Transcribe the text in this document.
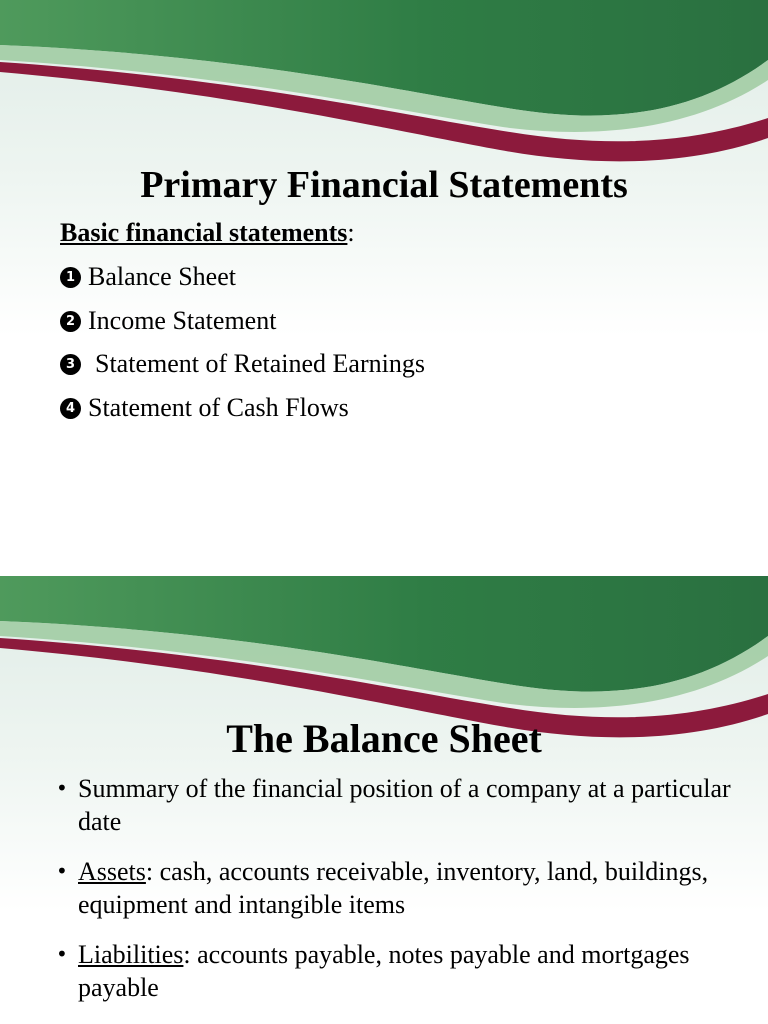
Primary Financial Statements
Basic financial statements:
1 Balance Sheet
2 Income Statement
3 Statement of Retained Earnings
4 Statement of Cash Flows
The Balance Sheet
• Summary of the financial position of a company at a particular date
• Assets: cash, accounts receivable, inventory, land, buildings, equipment and intangible items
• Liabilities: accounts payable, notes payable and mortgages payable
